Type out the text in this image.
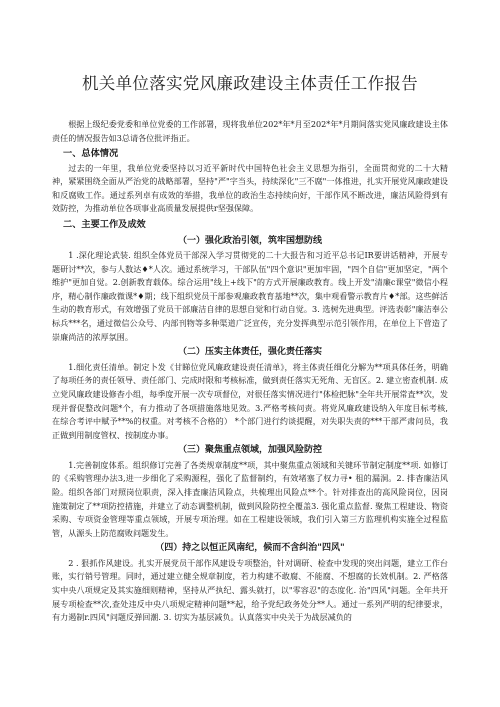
机关单位落实党风廉政建设主体责任工作报告

根据上级纪委党委和单位党委的工作部署，现将我单位202*年*月至202*年*月期间落实党风廉政建设主体责任的情况报告如3总请各位批评指正。

一、总体情况

过去的一年里，我单位党委坚持以习近平新时代中国特色社会主义思想为指引，全面贯彻党的二十大精神，紧紧围绕全面从严治党的战略部署，坚持"严"字当头，持续深化"三不腐"一体推进，扎实开展党风廉政建设和反腐败工作。通过系列卓有成效的举措，我单位的政治生态持续向好，干部作风不断改进，廉洁风险得到有效防控，为推动单位各项事业高质量发展提供r坚强保障。

二、主要工作及成效
（一）强化政治引领，筑牢国想防线

1 .深化理论武装. 组织全体党员干部深入学习贯彻党的二十大报告和习近平总书记IR要讲话精神，开展专题研讨**次，参与人数达♦*人次。通过系统学习，干部队伍"四个意识"更加牢固，"四个自信"更加坚定，"两个维护"更加自觉。2.创新教育载体。综合运用"线上+线下"的方式开展廉政教育。线上开发"清廉c课堂"微信小程序，精心制作廉政微课*♦期；线下组织党员干部参观廉政教育基地**次，集中观看警示教育片♦*部。这些鲜活生动的教育形式，有效增强了党员干部廉洁自律的思想自觉和行动自觉。3. 选树先进典型。评选表彰"廉洁奉公标兵***名，通过微信公众号、内部刊物等多种渠道广泛宣传，充分发挥典型示范引领作用，在单位上下营造了崇廉尚洁的浓厚氛围。

（二）压实主体责任，强化责任落实

1.细化责任清单。制定卜发《甘睇位党风廉政建设责任清单》，将主体责任细化分解为**项具体任务，明确了每项任务的责任领导、责任部门、完成时限和考核标准，做到责任落实无死角、无盲区。2. 建立密查机制. 成立党风廉政建设修杳小组，每季度开展一次专项督位，对很任落实情况进行"体检把脉"全年共开展常査**次，发现并督促整改问题*个，有力推动了各项措施落地见效。3.严格考核问责。将党风廉政建设纳入年度目标考核, 在综合考评中赋予**%的权重。对考核不合格的） *个部门进行约谈提醒，对失职失责的***干部严肃问员，我正做到用制度管权、按制度办事。

（三）聚焦重点领域，加强风险防控

1.完善制度体系。组织修订完善了各类规章制度**项，其中聚焦重点领域和关键环节制定制度**项. 如修订的《采购管理办法3,进一步细化了采购源程，强化了监督制约，有效堵塞了权力寻• 租的漏洞。2. 排杳廉洁风险。组织各部门对照岗位职责，深入排査廉洁风险点，共梳理出风险点**个。针对排查出的高风险岗位，因岗施策制定了**项防控措施，并建立了动态调整机制，做到风险防控全覆盖3. 强化重点监督. 聚焦工程建设、物资采购、专项资金管理等重点领域，开展专项治理。如在工程建设领域，我们引入第三方监理机构实施全过程监管，从源头上防范腐败问题发生。

（四）持之以恒正风南纪，候而不含纠治"四风"

2 . 狠抓作风建设。扎实开展党员干部作风建设专项整治，针对调研、检查中发现的突出问题，建立工作台账，实行销号管理。同时，通过建立健全规章制度，若力构建不敢腐、不能腐、不想腐的长效机制。2. 严格落实中央八项规定及其实施细则精神，坚持从严执纪、露头就打，以"零容忍"的态度化. 治"四风"问题。全年共开展专项检查**次,查处违反中央八项规定精神问题**起，给予党纪政务处分**人。通过一系列严明的纪律要求，有力遏制r.四风"问题反弹回潮. 3. 切实为基层减负。认真落实中央关于为战层减负的
